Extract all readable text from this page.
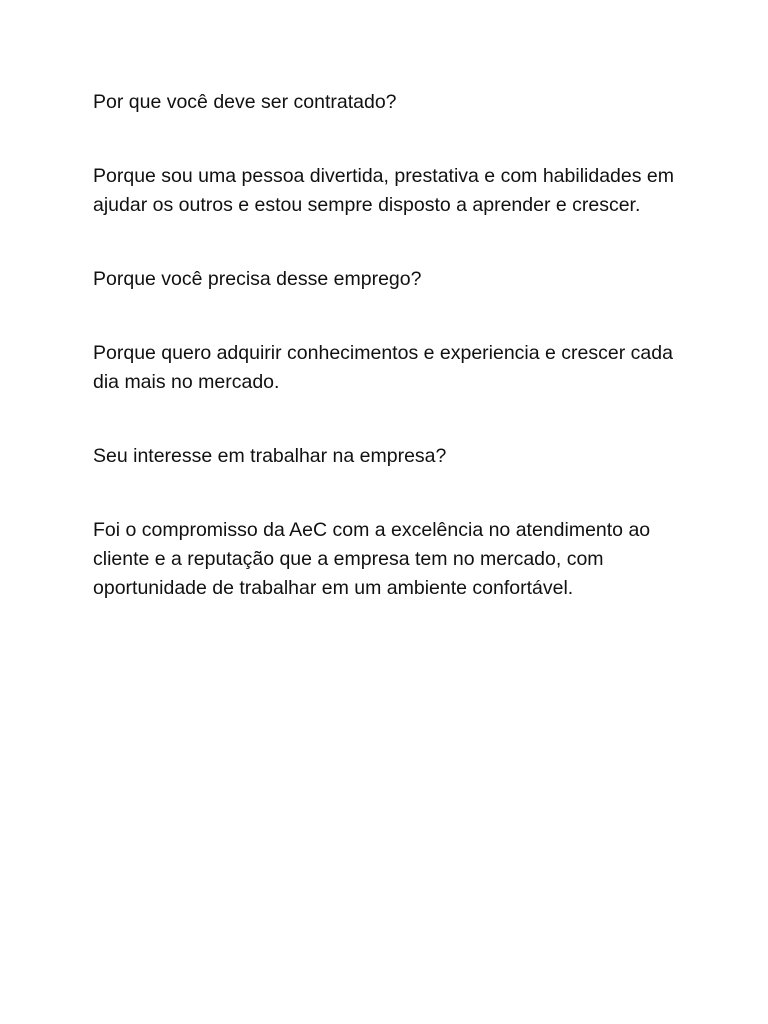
Por que você deve ser contratado?

Porque sou uma pessoa divertida, prestativa e com habilidades em ajudar os outros e estou sempre disposto a aprender e crescer.

Porque você precisa desse emprego?

Porque quero adquirir conhecimentos e experiencia e crescer cada dia mais no mercado.

Seu interesse em trabalhar na empresa?

Foi o compromisso da AeC com a excelência no atendimento ao cliente e a reputação que a empresa tem no mercado, com oportunidade de trabalhar em um ambiente confortável.
